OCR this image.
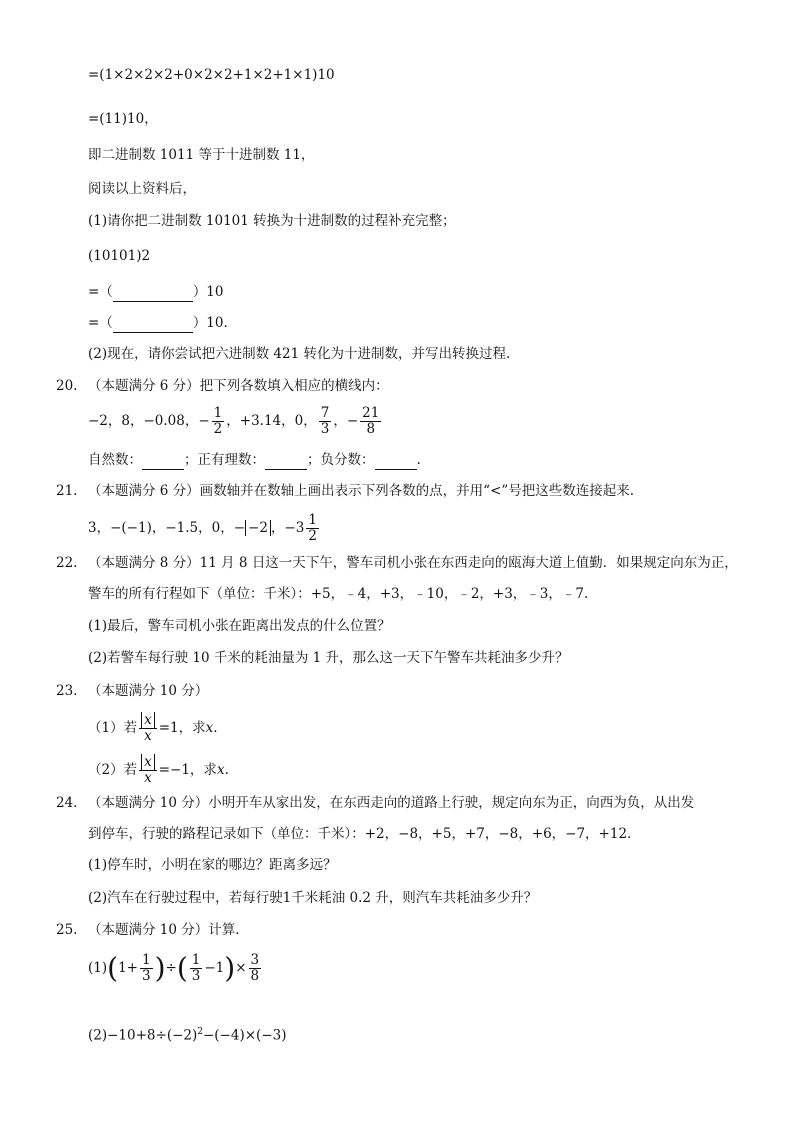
=(1×2×2×2+0×2×2+1×2+1×1)10
=(11)10，
即二进制数 1011 等于十进制数 11，
阅读以上资料后，
(1)请你把二进制数 10101 转换为十进制数的过程补充完整；
(10101)2
=（	）10
=（	）10.
(2)现在，请你尝试把六进制数 421 转化为十进制数，并写出转换过程.
20. （本题满分 6 分）把下列各数填入相应的横线内：
−2，8，−0.08，− $\frac{1}{2}$ ，+3.14，0， $\frac{7}{3}$ ，− $\frac{21}{8}$
自然数：	；正有理数：	；负分数：	.
21. （本题满分 6 分）画数轴并在数轴上画出表示下列各数的点，并用“<”号把这些数连接起来.
3，−(−1)，−1.5，0，− −2 ，$-3 \frac{1}{2}$
22. （本题满分 8 分）11 月 8 日这一天下午，警车司机小张在东西走向的瓯海大道上值勤．如果规定向东为正，
警车的所有行程如下（单位：千米）：+5，﹣4，+3，﹣10，﹣2，+3，﹣3，﹣7.
(1)最后，警车司机小张在距离出发点的什么位置？
(2)若警车每行驶 10 千米的耗油量为 1 升，那么这一天下午警车共耗油多少升？
23. （本题满分 10 分）
（1）若 $\frac{x}{x} =1$，求x.
（2）若 $\frac{x}{x} =-1$，求x.
24. （本题满分 10 分）小明开车从家出发，在东西走向的道路上行驶，规定向东为正，向西为负，从出发
到停车，行驶的路程记录如下（单位：千米）：+2，−8，+5，+7，−8，+6，−7，+12．
(1)停车时，小明在家的哪边？距离多远？
(2)汽车在行驶过程中，若每行驶1千米耗油 0.2 升，则汽车共耗油多少升？
25. （本题满分 10 分）计算.
$(1)(1+ \frac{1}{3}$ )÷( $\frac{1}{3} -1)\times \frac{3}{8}$
$(2)-10+8\div(-2)^2-(-4)\times(-3)$
